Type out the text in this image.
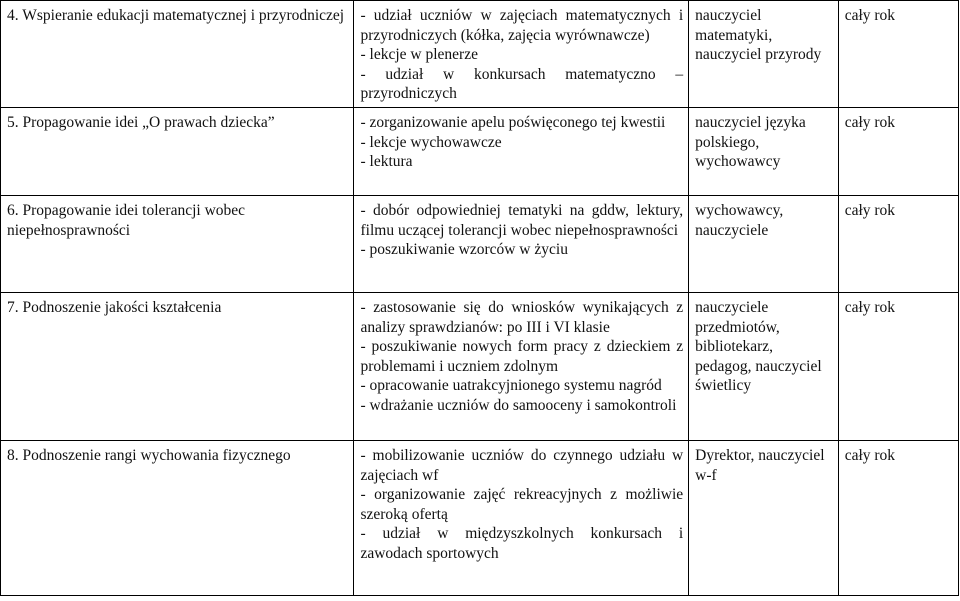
4. Wspieranie edukacji matematycznej i przyrodniczej	- udział uczniów w zajęciach matematycznych i przyrodniczych (kółka, zajęcia wyrównawcze)
- lekcje w plenerze
- udział w konkursach matematyczno – przyrodniczych	nauczyciel matematyki, nauczyciel przyrody	cały rok

5. Propagowanie idei „O prawach dziecka”	- zorganizowanie apelu poświęconego tej kwestii
- lekcje wychowawcze
- lektura	nauczyciel języka polskiego, wychowawcy	cały rok

6. Propagowanie idei tolerancji wobec niepełnosprawności	- dobór odpowiedniej tematyki na gddw, lektury, filmu uczącej tolerancji wobec niepełnosprawności
- poszukiwanie wzorców w życiu	wychowawcy, nauczyciele	cały rok

7. Podnoszenie jakości kształcenia	- zastosowanie się do wniosków wynikających z analizy sprawdzianów: po III i VI klasie
- poszukiwanie nowych form pracy z dzieckiem z problemami i uczniem zdolnym
- opracowanie uatrakcyjnionego systemu nagród
- wdrażanie uczniów do samooceny i samokontroli	nauczyciele przedmiotów, bibliotekarz, pedagog, nauczyciel świetlicy	cały rok

8. Podnoszenie rangi wychowania fizycznego	- mobilizowanie uczniów do czynnego udziału w zajęciach wf
- organizowanie zajęć rekreacyjnych z możliwie szeroką ofertą
- udział w międzyszkolnych konkursach i zawodach sportowych	Dyrektor, nauczyciel w-f	cały rok
